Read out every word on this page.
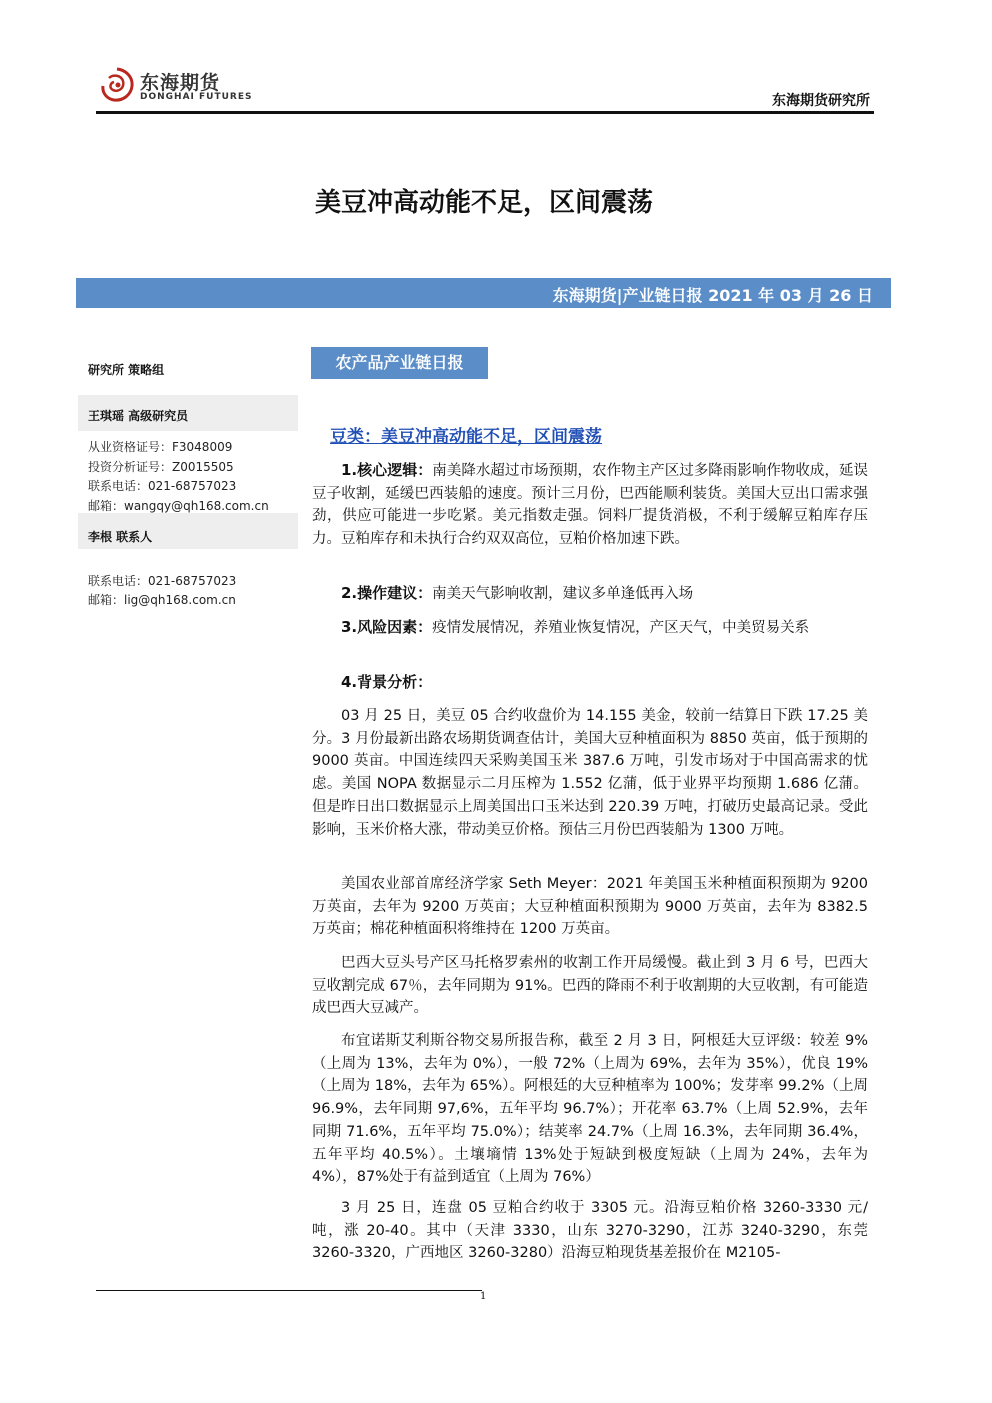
东海期货
DONGHAI FUTURES	东海期货研究所
美豆冲高动能不足，区间震荡
东海期货|产业链日报 2021 年 03 月 26 日
研究所 策略组
王琪瑶 高级研究员
从业资格证号：F3048009
投资分析证号：Z0015505
联系电话：021-68757023
邮箱：wangqy@qh168.com.cn
李根 联系人
联系电话：021-68757023
邮箱：lig@qh168.com.cn
农产品产业链日报
豆类：美豆冲高动能不足，区间震荡

1.核心逻辑：南美降水超过市场预期，农作物主产区过多降雨影响作物收成，延误豆子收割，延缓巴西装船的速度。预计三月份，巴西能顺利装货。美国大豆出口需求强劲，供应可能进一步吃紧。美元指数走强。饲料厂提货消极，不利于缓解豆粕库存压力。豆粕库存和未执行合约双双高位，豆粕价格加速下跌。

2.操作建议：南美天气影响收割，建议多单逢低再入场

3.风险因素：疫情发展情况，养殖业恢复情况，产区天气，中美贸易关系

4.背景分析：

03 月 25 日，美豆 05 合约收盘价为 14.155 美金，较前一结算日下跌 17.25 美分。3 月份最新出路农场期货调查估计，美国大豆种植面积为 8850 英亩，低于预期的 9000 英亩。中国连续四天采购美国玉米 387.6 万吨，引发市场对于中国高需求的忧虑。美国 NOPA 数据显示二月压榨为 1.552 亿蒲，低于业界平均预期 1.686 亿蒲。但是昨日出口数据显示上周美国出口玉米达到 220.39 万吨，打破历史最高记录。受此影响，玉米价格大涨，带动美豆价格。预估三月份巴西装船为 1300 万吨。

美国农业部首席经济学家 Seth Meyer：2021 年美国玉米种植面积预期为 9200 万英亩，去年为 9200 万英亩；大豆种植面积预期为 9000 万英亩，去年为 8382.5 万英亩；棉花种植面积将维持在 1200 万英亩。

巴西大豆头号产区马托格罗索州的收割工作开局缓慢。截止到 3 月 6 号，巴西大豆收割完成 67％，去年同期为 91%。巴西的降雨不利于收割期的大豆收割，有可能造成巴西大豆减产。

布宜诺斯艾利斯谷物交易所报告称，截至 2 月 3 日，阿根廷大豆评级：较差 9%（上周为 13%，去年为 0%），一般 72%（上周为 69%，去年为 35%），优良 19%（上周为 18%，去年为 65%）。阿根廷的大豆种植率为 100%；发芽率 99.2%（上周 96.9%，去年同期 97,6%，五年平均 96.7%）；开花率 63.7%（上周 52.9%，去年同期 71.6%，五年平均 75.0%）；结荚率 24.7%（上周 16.3%，去年同期 36.4%，五年平均 40.5%）。土壤墒情 13%处于短缺到极度短缺（上周为 24%，去年为 4%），87%处于有益到适宜（上周为 76%）

3 月 25 日，连盘 05 豆粕合约收于 3305 元。沿海豆粕价格 3260-3330 元/吨，涨 20-40。其中（天津 3330，山东 3270-3290，江苏 3240-3290，东莞 3260-3320，广西地区 3260-3280）沿海豆粕现货基差报价在 M2105-

1
